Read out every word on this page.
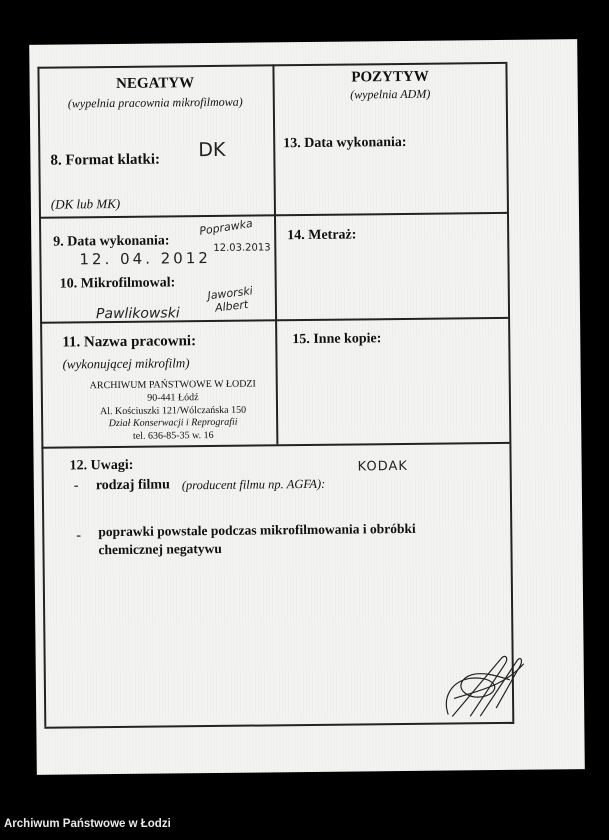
NEGATYW
(wypelnia pracownia mikrofilmowa)
8. Format klatki: DK
(DK lub MK)
POZYTYW
(wypelnia ADM)
13. Data wykonania:
9. Data wykonania:
Poprawka
12.03.2013
12. 04. 2012
10. Mikrofilmowal:
Pawlikowski
Jaworski Albert
14. Metraż:
11. Nazwa pracowni:
(wykonującej mikrofilm)
ARCHIWUM PAŃSTWOWE W ŁODZI
90-441 Łódź
Al. Kościuszki 121/Wólczańska 150
Dział Konserwacji i Reprografii
tel. 636-85-35 w. 16
15. Inne kopie:
12. Uwagi:
- rodzaj filmu (producent filmu np. AGFA):
KODAK
- poprawki powstale podczas mikrofilmowania i obróbki
chemicznej negatywu
Archiwum Państwowe w Łodzi
